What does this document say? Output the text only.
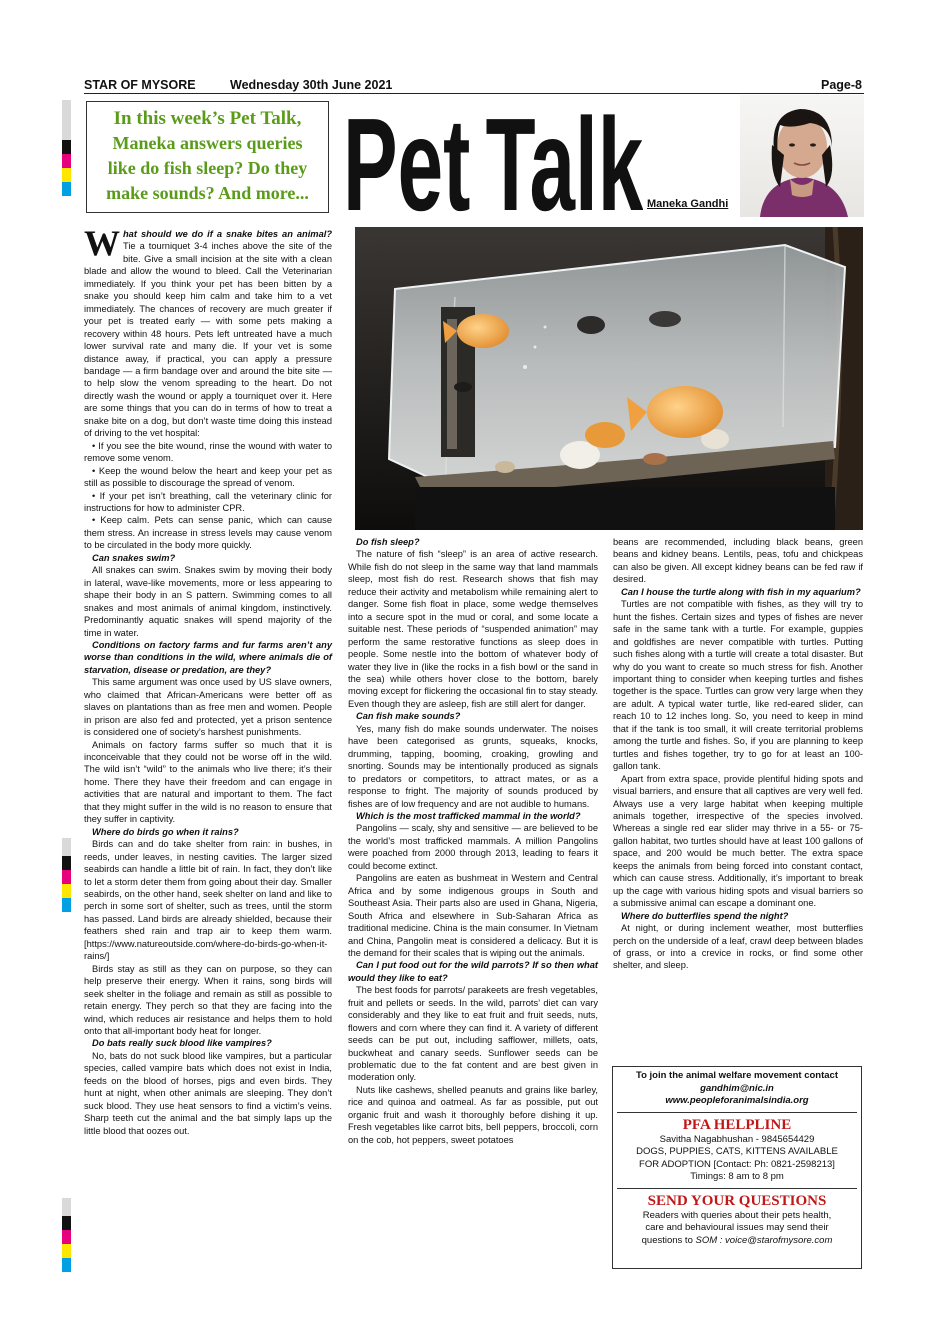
STAR OF MYSORE	Wednesday 30th June 2021	Page-8
In this week’s Pet Talk,
Maneka answers queries
like do fish sleep? Do they
make sounds? And more... Pet Talk Maneka Gandhi

What should we do if a snake bites an animal? Tie a tourniquet 3-4 inches above the site of the bite. Give a small incision at the site with a clean blade and allow the wound to bleed. Call the Veterinarian immediately. If you think your pet has been bitten by a snake you should keep him calm and take him to a vet immediately. The chances of recovery are much greater if your pet is treated early — with some pets making a recovery within 48 hours. Pets left untreated have a much lower survival rate and many die. If your vet is some distance away, if practical, you can apply a pressure bandage — a firm bandage over and around the bite site — to help slow the venom spreading to the heart. Do not directly wash the wound or apply a tourniquet over it. Here are some things that you can do in terms of how to treat a snake bite on a dog, but don’t waste time doing this instead of driving to the vet hospital:

• If you see the bite wound, rinse the wound with water to remove some venom.

• Keep the wound below the heart and keep your pet as still as possible to discourage the spread of venom.

• If your pet isn’t breathing, call the veterinary clinic for instructions for how to administer CPR.

• Keep calm. Pets can sense panic, which can cause them stress. An increase in stress levels may cause venom to be circulated in the body more quickly.

Can snakes swim?

All snakes can swim. Snakes swim by moving their body in lateral, wave-like movements, more or less appearing to shape their body in an S pattern. Swimming comes to all snakes and most animals of animal kingdom, instinctively. Predominantly aquatic snakes will spend majority of the time in water.

Conditions on factory farms and fur farms aren’t any worse than conditions in the wild, where animals die of starvation, disease or predation, are they?

This same argument was once used by US slave owners, who claimed that African-Americans were better off as slaves on plantations than as free men and women. People in prison are also fed and protected, yet a prison sentence is considered one of society’s harshest punishments.

Animals on factory farms suffer so much that it is inconceivable that they could not be worse off in the wild. The wild isn’t “wild” to the animals who live there; it’s their home. There they have their freedom and can engage in activities that are natural and important to them. The fact that they might suffer in the wild is no reason to ensure that they suffer in captivity.

Where do birds go when it rains?

Birds can and do take shelter from rain: in bushes, in reeds, under leaves, in nesting cavities. The larger sized seabirds can handle a little bit of rain. In fact, they don’t like to let a storm deter them from going about their day. Smaller seabirds, on the other hand, seek shelter on land and like to perch in some sort of shelter, such as trees, until the storm has passed. Land birds are already shielded, because their feathers shed rain and trap air to keep them warm. [https://www.natureoutside.com/where-do-birds-go-when-it-rains/]

Birds stay as still as they can on purpose, so they can help preserve their energy. When it rains, song birds will seek shelter in the foliage and remain as still as possible to retain energy. They perch so that they are facing into the wind, which reduces air resistance and helps them to hold onto that all-important body heat for longer.

Do bats really suck blood like vampires?

No, bats do not suck blood like vampires, but a particular species, called vampire bats which does not exist in India, feeds on the blood of horses, pigs and even birds. They hunt at night, when other animals are sleeping. They don’t suck blood. They use heat sensors to find a victim’s veins. Sharp teeth cut the animal and the bat simply laps up the little blood that oozes out.

Do fish sleep?

The nature of fish “sleep” is an area of active research. While fish do not sleep in the same way that land mammals sleep, most fish do rest. Research shows that fish may reduce their activity and metabolism while remaining alert to danger. Some fish float in place, some wedge themselves into a secure spot in the mud or coral, and some locate a suitable nest. These periods of “suspended animation” may perform the same restorative functions as sleep does in people. Some nestle into the bottom of whatever body of water they live in (like the rocks in a fish bowl or the sand in the sea) while others hover close to the bottom, barely moving except for flickering the occasional fin to stay steady. Even though they are asleep, fish are still alert for danger.

Can fish make sounds?

Yes, many fish do make sounds underwater. The noises have been categorised as grunts, squeaks, knocks, drumming, tapping, booming, croaking, growling and snorting. Sounds may be intentionally produced as signals to predators or competitors, to attract mates, or as a response to fright. The majority of sounds produced by fishes are of low frequency and are not audible to humans.

Which is the most trafficked mammal in the world?

Pangolins — scaly, shy and sensitive — are believed to be the world’s most trafficked mammals. A million Pangolins were poached from 2000 through 2013, leading to fears it could become extinct.

Pangolins are eaten as bushmeat in Western and Central Africa and by some indigenous groups in South and Southeast Asia. Their parts also are used in Ghana, Nigeria, South Africa and elsewhere in Sub-Saharan Africa as traditional medicine. China is the main consumer. In Vietnam and China, Pangolin meat is considered a delicacy. But it is the demand for their scales that is wiping out the animals.

Can I put food out for the wild parrots? If so then what would they like to eat?

The best foods for parrots/ parakeets are fresh vegetables, fruit and pellets or seeds. In the wild, parrots’ diet can vary considerably and they like to eat fruit and fruit seeds, nuts, flowers and corn where they can find it. A variety of different seeds can be put out, including safflower, millets, oats, buckwheat and canary seeds. Sunflower seeds can be problematic due to the fat content and are best given in moderation only.

Nuts like cashews, shelled peanuts and grains like barley, rice and quinoa and oatmeal. As far as possible, put out organic fruit and wash it thoroughly before dishing it up. Fresh vegetables like carrot bits, bell peppers, broccoli, corn on the cob, hot peppers, sweet potatoes

beans are recommended, including black beans, green beans and kidney beans. Lentils, peas, tofu and chickpeas can also be given. All except kidney beans can be fed raw if desired.

Can I house the turtle along with fish in my aquarium?

Turtles are not compatible with fishes, as they will try to hunt the fishes. Certain sizes and types of fishes are never safe in the same tank with a turtle. For example, guppies and goldfishes are never compatible with turtles. Putting such fishes along with a turtle will create a total disaster. But why do you want to create so much stress for fish. Another important thing to consider when keeping turtles and fishes together is the space. Turtles can grow very large when they are adult. A typical water turtle, like red-eared slider, can reach 10 to 12 inches long. So, you need to keep in mind that if the tank is too small, it will create territorial problems among the turtle and fishes. So, if you are planning to keep turtles and fishes together, try to go for at least an 100-gallon tank.

Apart from extra space, provide plentiful hiding spots and visual barriers, and ensure that all captives are very well fed. Always use a very large habitat when keeping multiple animals together, irrespective of the species involved. Whereas a single red ear slider may thrive in a 55- or 75-gallon habitat, two turtles should have at least 100 gallons of space, and 200 would be much better. The extra space keeps the animals from being forced into constant contact, which can cause stress. Additionally, it’s important to break up the cage with various hiding spots and visual barriers so a submissive animal can escape a dominant one.

Where do butterflies spend the night?

At night, or during inclement weather, most butterflies perch on the underside of a leaf, crawl deep between blades of grass, or into a crevice in rocks, or find some other shelter, and sleep.

To join the animal welfare movement contact
gandhim@nic.in
www.peopleforanimalsindia.org
PFA HELPLINE
Savitha Nagabhushan - 9845654429
DOGS, PUPPIES, CATS, KITTENS AVAILABLE
FOR ADOPTION [Contact: Ph: 0821-2598213]
Timings: 8 am to 8 pm
SEND YOUR QUESTIONS
Readers with queries about their pets health,
care and behavioural issues may send their
questions to SOM : voice@starofmysore.com
